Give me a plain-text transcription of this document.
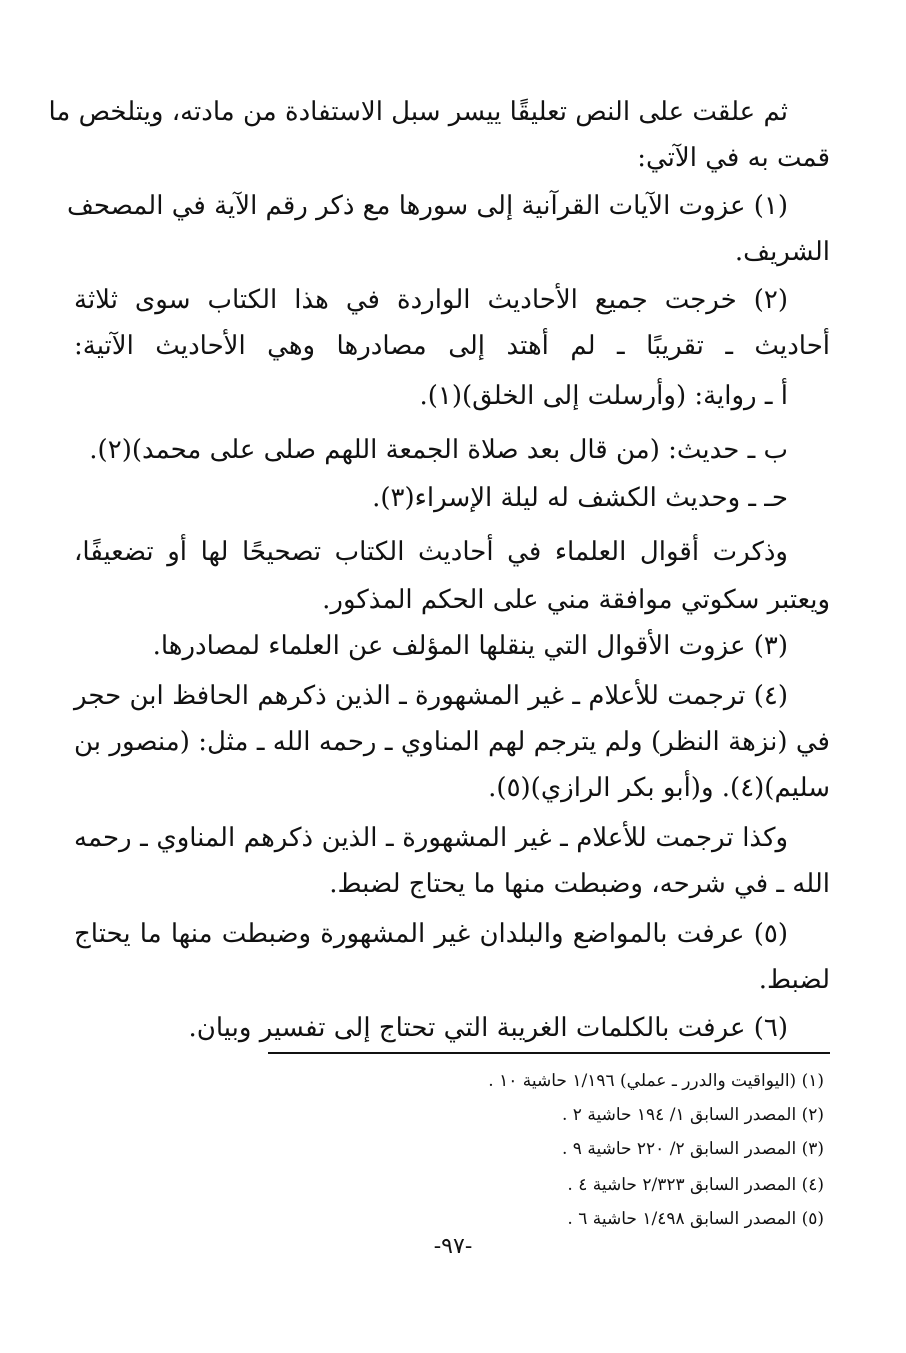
ثم علقت على النص تعليقًا ييسر سبل الاستفادة من مادته، ويتلخص ما
قمت به في الآتي:
(١) عزوت الآيات القرآنية إلى سورها مع ذكر رقم الآية في المصحف
الشريف.
(٢) خرجت جميع الأحاديث الواردة في هذا الكتاب سوى ثلاثة
أحاديث ـ تقريبًا ـ لم أهتد إلى مصادرها وهي الأحاديث الآتية:
أ ـ رواية: (وأرسلت إلى الخلق)(١).
ب ـ حديث: (من قال بعد صلاة الجمعة اللهم صلى على محمد)(٢).
حـ ـ وحديث الكشف له ليلة الإسراء(٣).
وذكرت أقوال العلماء في أحاديث الكتاب تصحيحًا لها أو تضعيفًا،
ويعتبر سكوتي موافقة مني على الحكم المذكور.
(٣) عزوت الأقوال التي ينقلها المؤلف عن العلماء لمصادرها.
(٤) ترجمت للأعلام ـ غير المشهورة ـ الذين ذكرهم الحافظ ابن حجر
في (نزهة النظر) ولم يترجم لهم المناوي ـ رحمه الله ـ مثل: (منصور بن
سليم)(٤). و(أبو بكر الرازي)(٥).
وكذا ترجمت للأعلام ـ غير المشهورة ـ الذين ذكرهم المناوي ـ رحمه
الله ـ في شرحه، وضبطت منها ما يحتاج لضبط.
(٥) عرفت بالمواضع والبلدان غير المشهورة وضبطت منها ما يحتاج
لضبط.
(٦) عرفت بالكلمات الغريبة التي تحتاج إلى تفسير وبيان.
(١) (اليواقيت والدرر ـ عملي) ١/١٩٦ حاشية ١٠ .
(٢) المصدر السابق ١/ ١٩٤ حاشية ٢ .
(٣) المصدر السابق ٢/ ٢٢٠ حاشية ٩ .
(٤) المصدر السابق ٢/٣٢٣ حاشية ٤ .
(٥) المصدر السابق ١/٤٩٨ حاشية ٦ .
-٩٧-
